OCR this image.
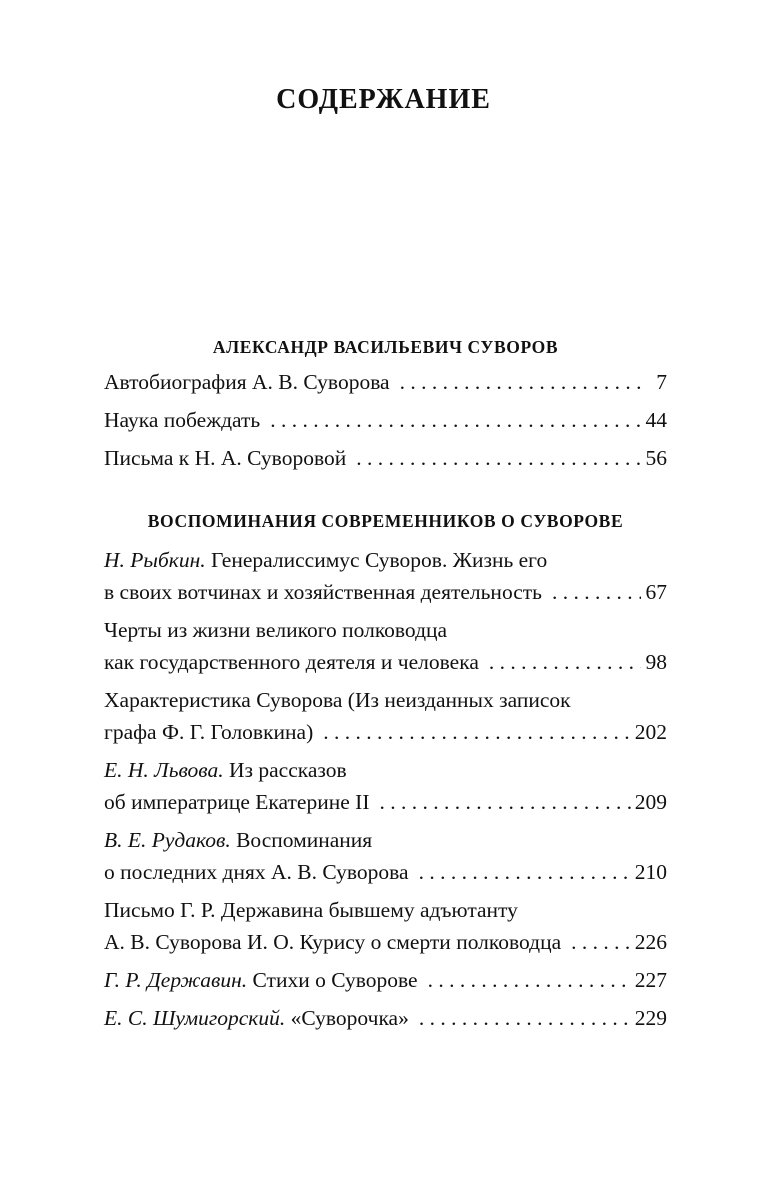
СОДЕРЖАНИЕ
АЛЕКСАНДР ВАСИЛЬЕВИЧ СУВОРОВ
Автобиография А. В. Суворова . . .	7
Наука побеждать . . .	44
Письма к Н. А. Суворовой . . .	56
ВОСПОМИНАНИЯ СОВРЕМЕННИКОВ О СУВОРОВЕ
Н. Рыбкин.
Генералиссимус Суворов. Жизнь его
в своих вотчинах и хозяйственная деятельность . . .	67
Черты из жизни великого полководца
как государственного деятеля и человека . . .	98
Характеристика Суворова (Из неизданных записок
графа Ф. Г. Головкина) . . .	202
Е. Н. Львова.
Из рассказов
об императрице Екатерине II . . .	209
В. Е. Рудаков.
Воспоминания
о последних днях А. В. Суворова . . .	210
Письмо Г. Р. Державина бывшему адъютанту
А. В. Суворова И. О. Курису о смерти полководца . . .	226
Г. Р. Державин. Стихи о Суворове . . .	227
Е. С. Шумигорский. «Суворочка» . . .	229
